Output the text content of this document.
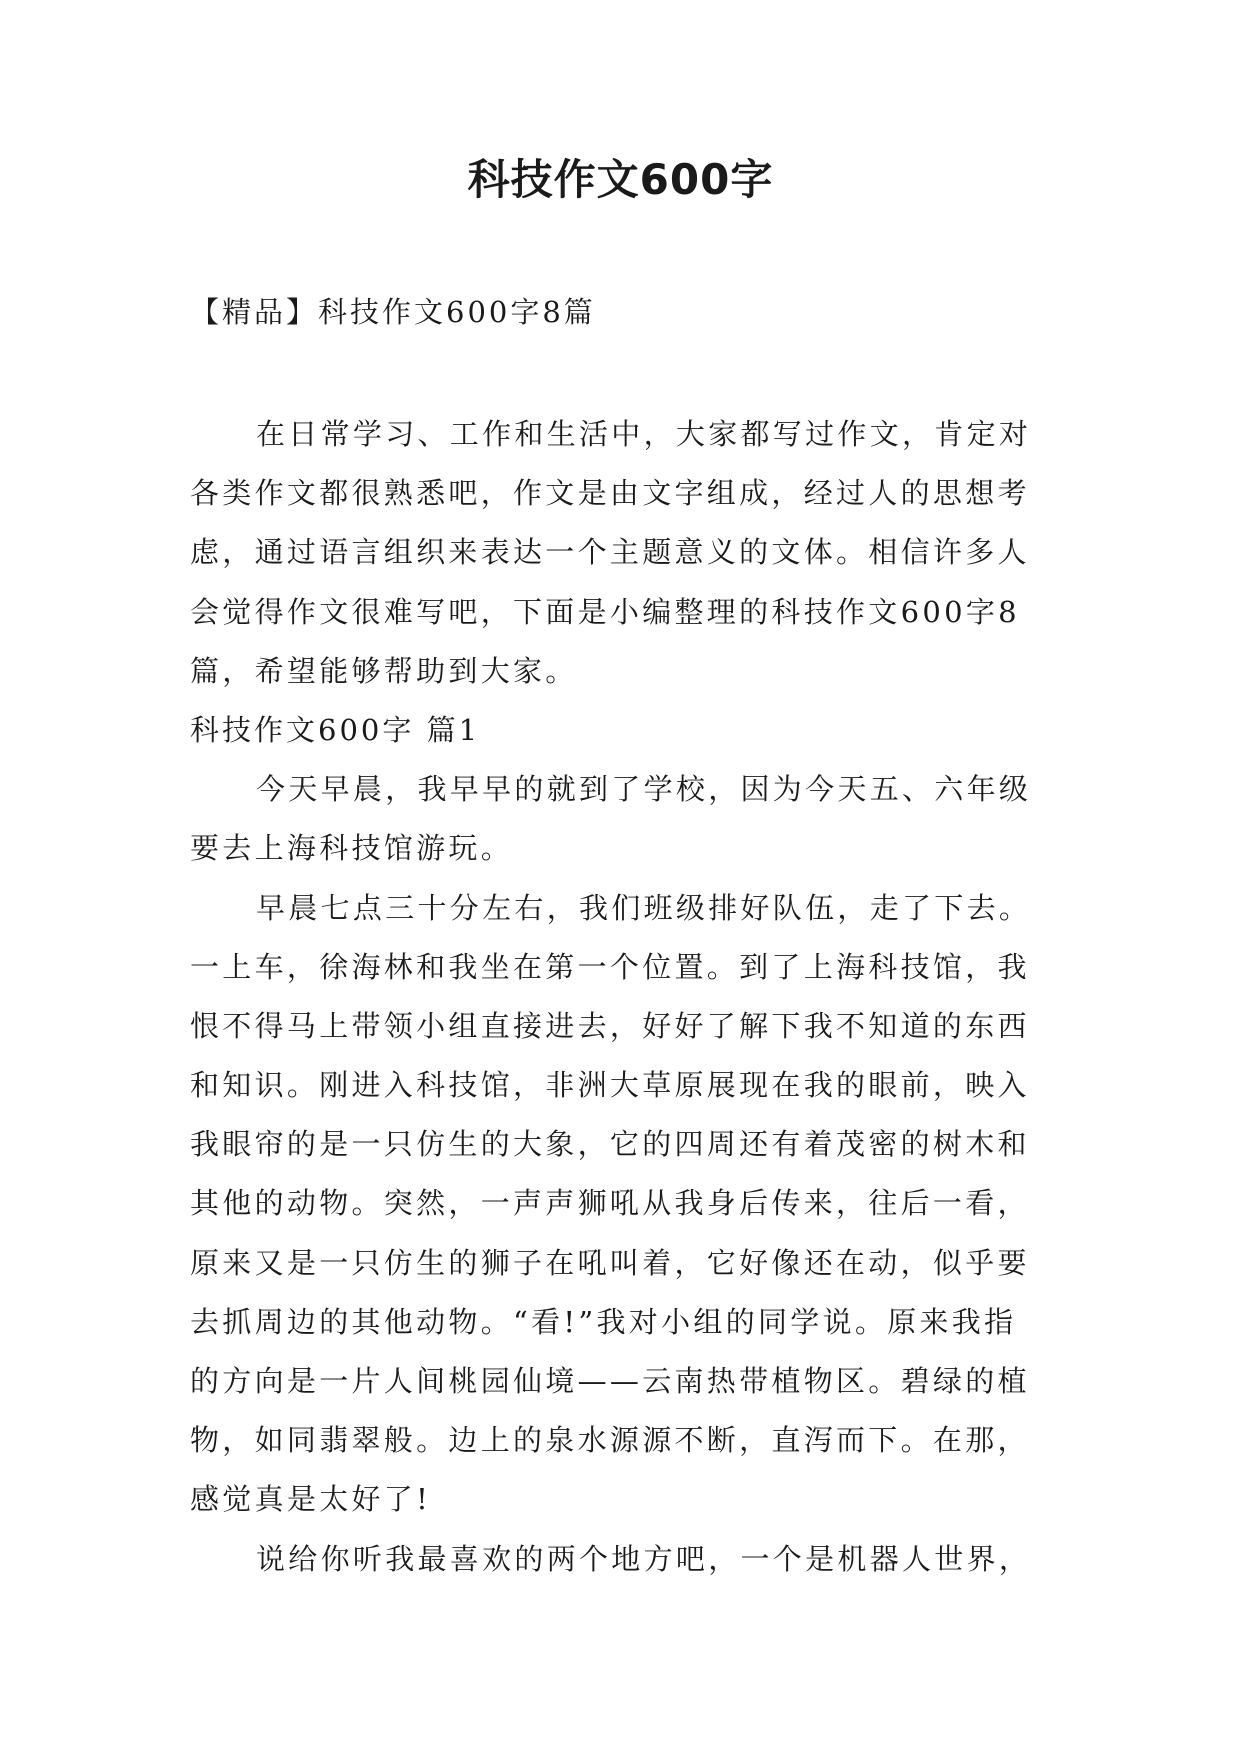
科技作文600字
【精品】科技作文600字8篇
在日常学习、工作和生活中，大家都写过作文，肯定对
各类作文都很熟悉吧，作文是由文字组成，经过人的思想考
虑，通过语言组织来表达一个主题意义的文体。相信许多人
会觉得作文很难写吧，下面是小编整理的科技作文600字8
篇，希望能够帮助到大家。
科技作文600字 篇1
今天早晨，我早早的就到了学校，因为今天五、六年级
要去上海科技馆游玩。
早晨七点三十分左右，我们班级排好队伍，走了下去。
一上车，徐海林和我坐在第一个位置。到了上海科技馆，我
恨不得马上带领小组直接进去，好好了解下我不知道的东西
和知识。刚进入科技馆，非洲大草原展现在我的眼前，映入
我眼帘的是一只仿生的大象，它的四周还有着茂密的树木和
其他的动物。突然，一声声狮吼从我身后传来，往后一看，
原来又是一只仿生的狮子在吼叫着，它好像还在动，似乎要
去抓周边的其他动物。“看!”我对小组的同学说。原来我指
的方向是一片人间桃园仙境——云南热带植物区。碧绿的植
物，如同翡翠般。边上的泉水源源不断，直泻而下。在那，
感觉真是太好了!
说给你听我最喜欢的两个地方吧，一个是机器人世界，
